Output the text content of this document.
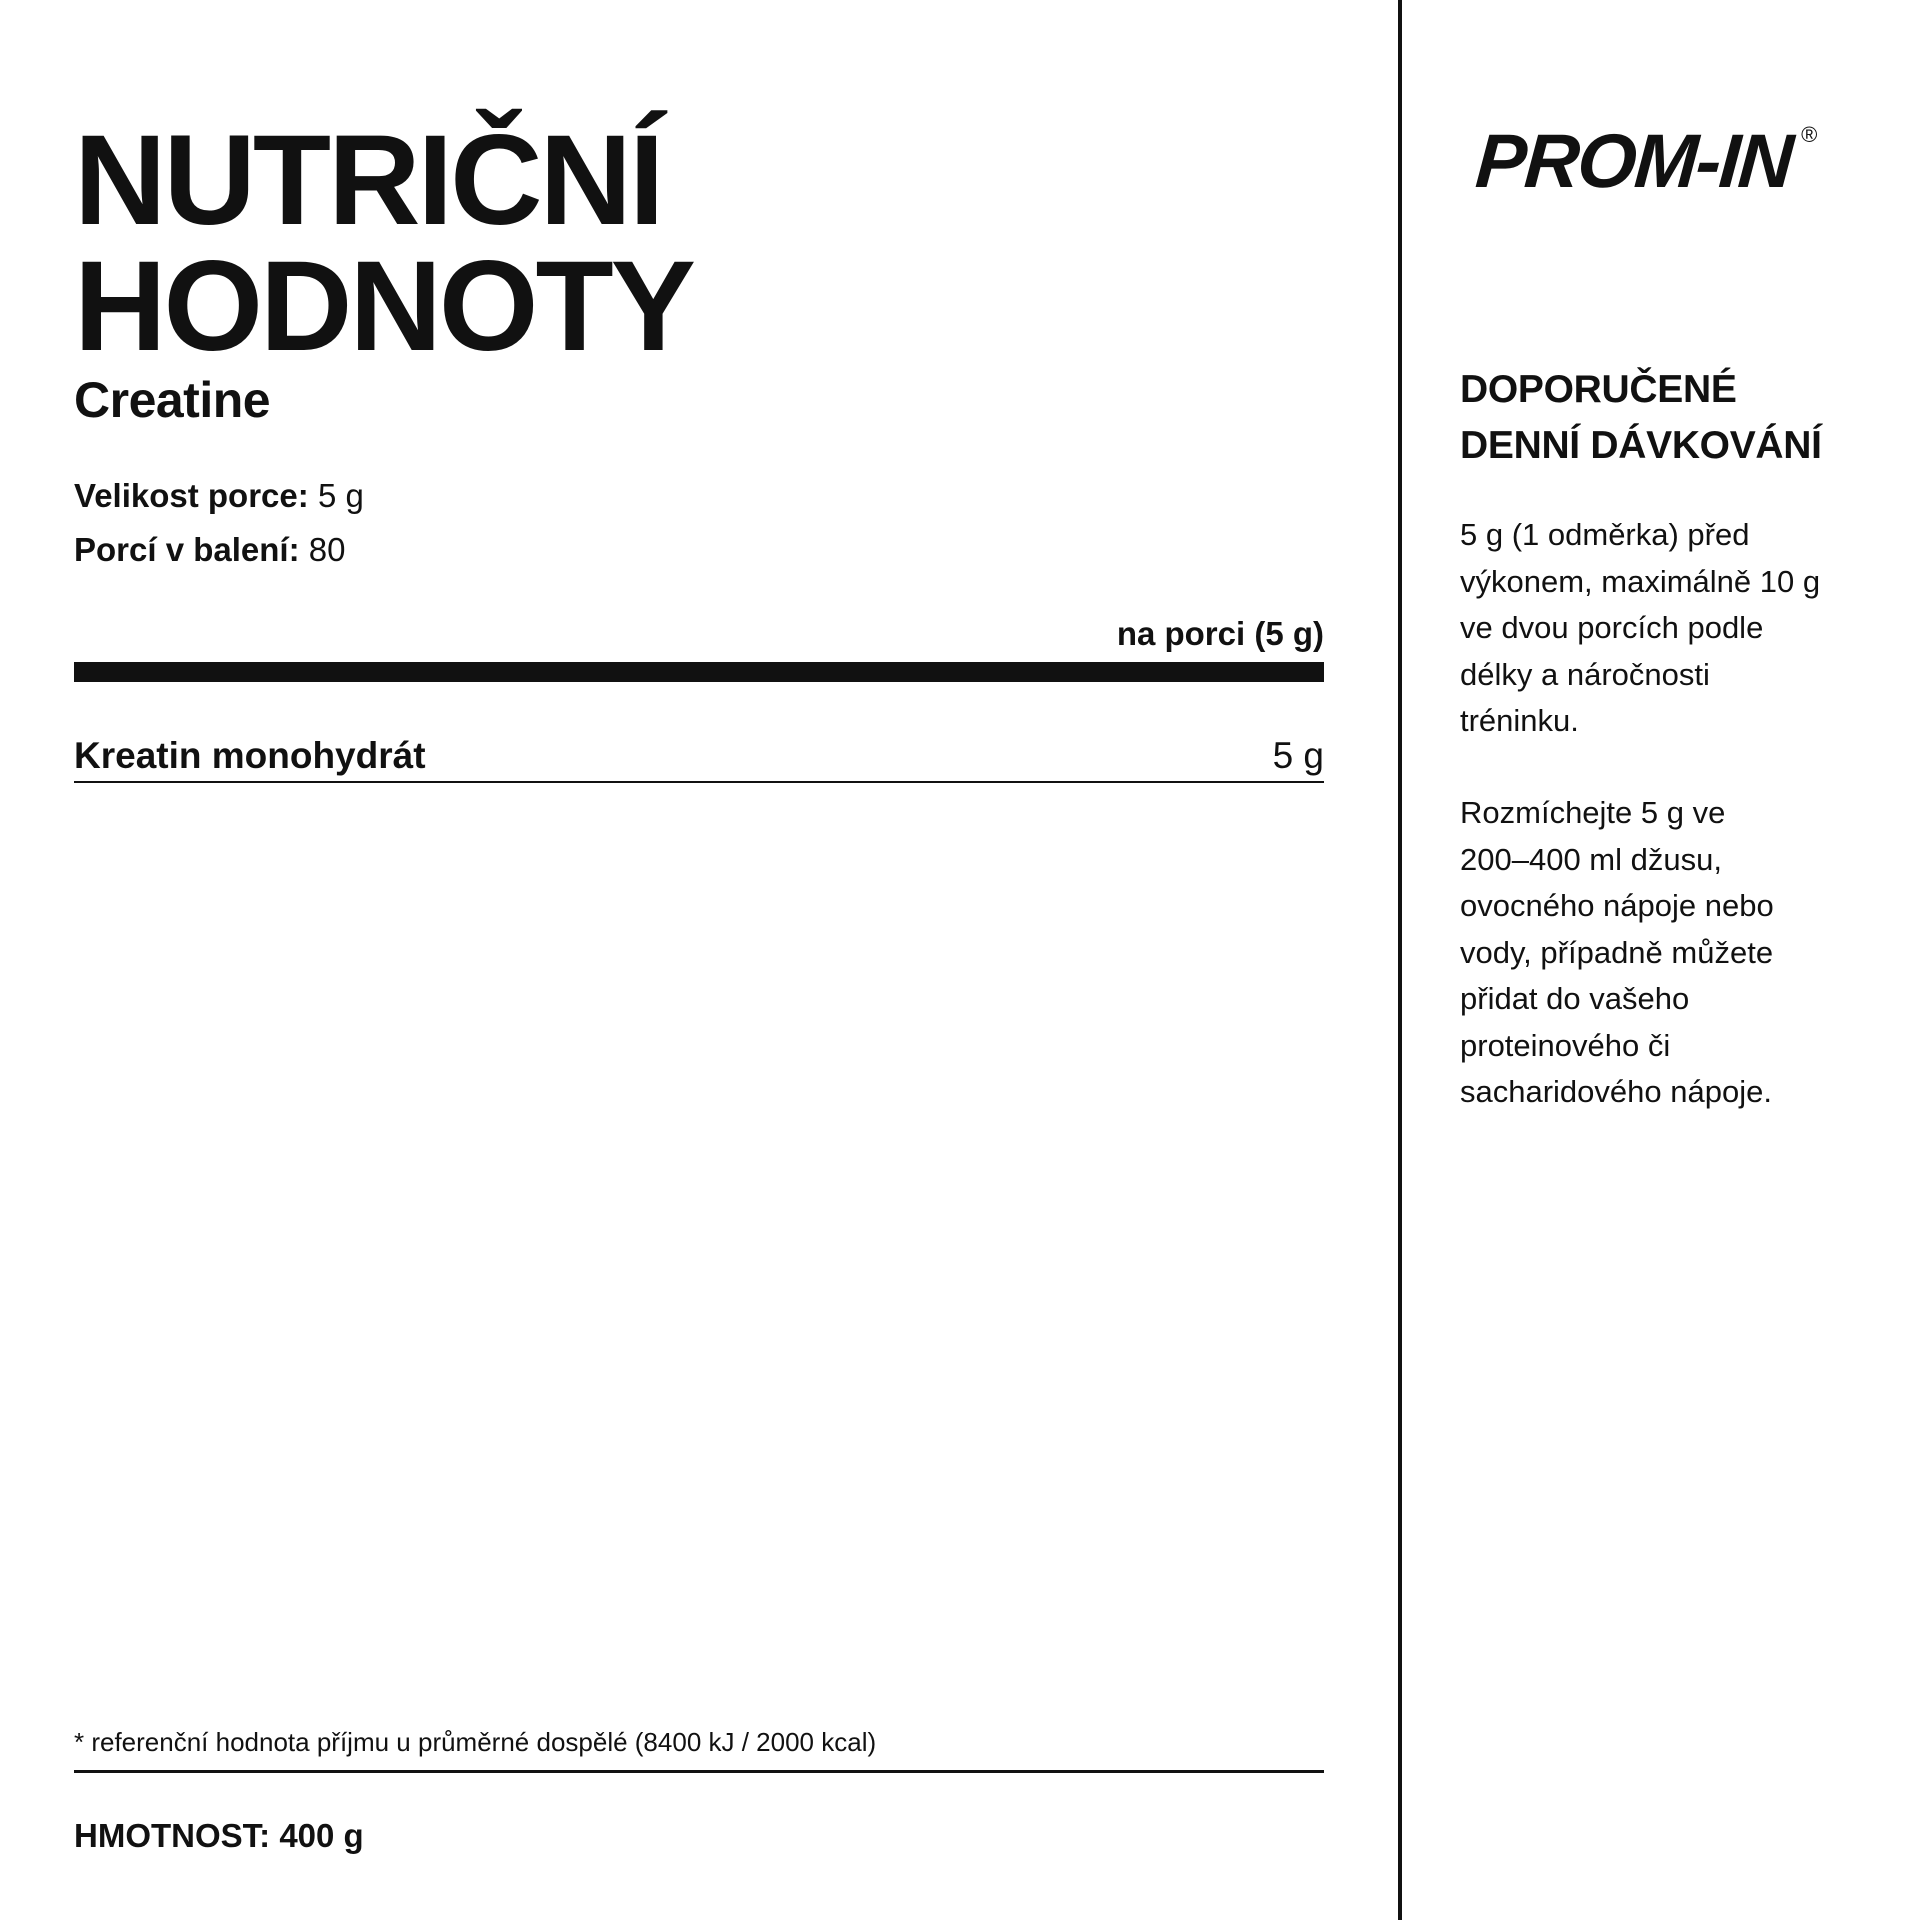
NUTRIČNÍ
HODNOTY
Creatine
Velikost porce: 5 g
Porcí v balení: 80
na porci (5 g)
Kreatin monohydrát	5 g
* referenční hodnota příjmu u průměrné dospělé (8400 kJ / 2000 kcal)
HMOTNOST: 400 g
PROM-IN ®
DOPORUČENÉ
DENNÍ DÁVKOVÁNÍ

5 g (1 odměrka) před
výkonem, maximálně 10 g
ve dvou porcích podle
délky a náročnosti
tréninku.

Rozmíchejte 5 g ve
200–400 ml džusu,
ovocného nápoje nebo
vody, případně můžete
přidat do vašeho
proteinového či
sacharidového nápoje.
